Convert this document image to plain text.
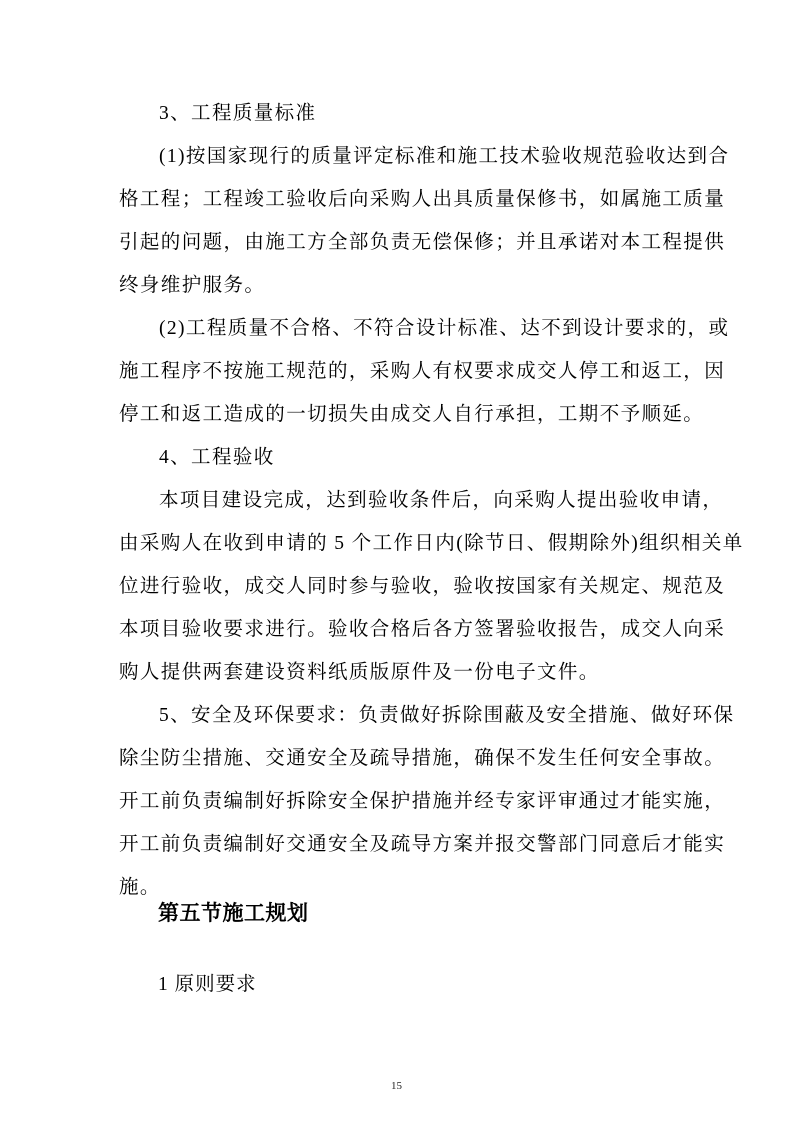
3、工程质量标准
(1)按国家现行的质量评定标准和施工技术验收规范验收达到合
格工程；工程竣工验收后向采购人出具质量保修书，如属施工质量
引起的问题，由施工方全部负责无偿保修；并且承诺对本工程提供
终身维护服务。
(2)工程质量不合格、不符合设计标准、达不到设计要求的，或
施工程序不按施工规范的，采购人有权要求成交人停工和返工，因
停工和返工造成的一切损失由成交人自行承担，工期不予顺延。
4、工程验收
本项目建设完成，达到验收条件后，向采购人提出验收申请，
由采购人在收到申请的 5 个工作日内(除节日、假期除外)组织相关单
位进行验收，成交人同时参与验收，验收按国家有关规定、规范及
本项目验收要求进行。验收合格后各方签署验收报告，成交人向采
购人提供两套建设资料纸质版原件及一份电子文件。
5、安全及环保要求：负责做好拆除围蔽及安全措施、做好环保
除尘防尘措施、交通安全及疏导措施，确保不发生任何安全事故。
开工前负责编制好拆除安全保护措施并经专家评审通过才能实施，
开工前负责编制好交通安全及疏导方案并报交警部门同意后才能实
施。
第五节施工规划
1 原则要求
15
